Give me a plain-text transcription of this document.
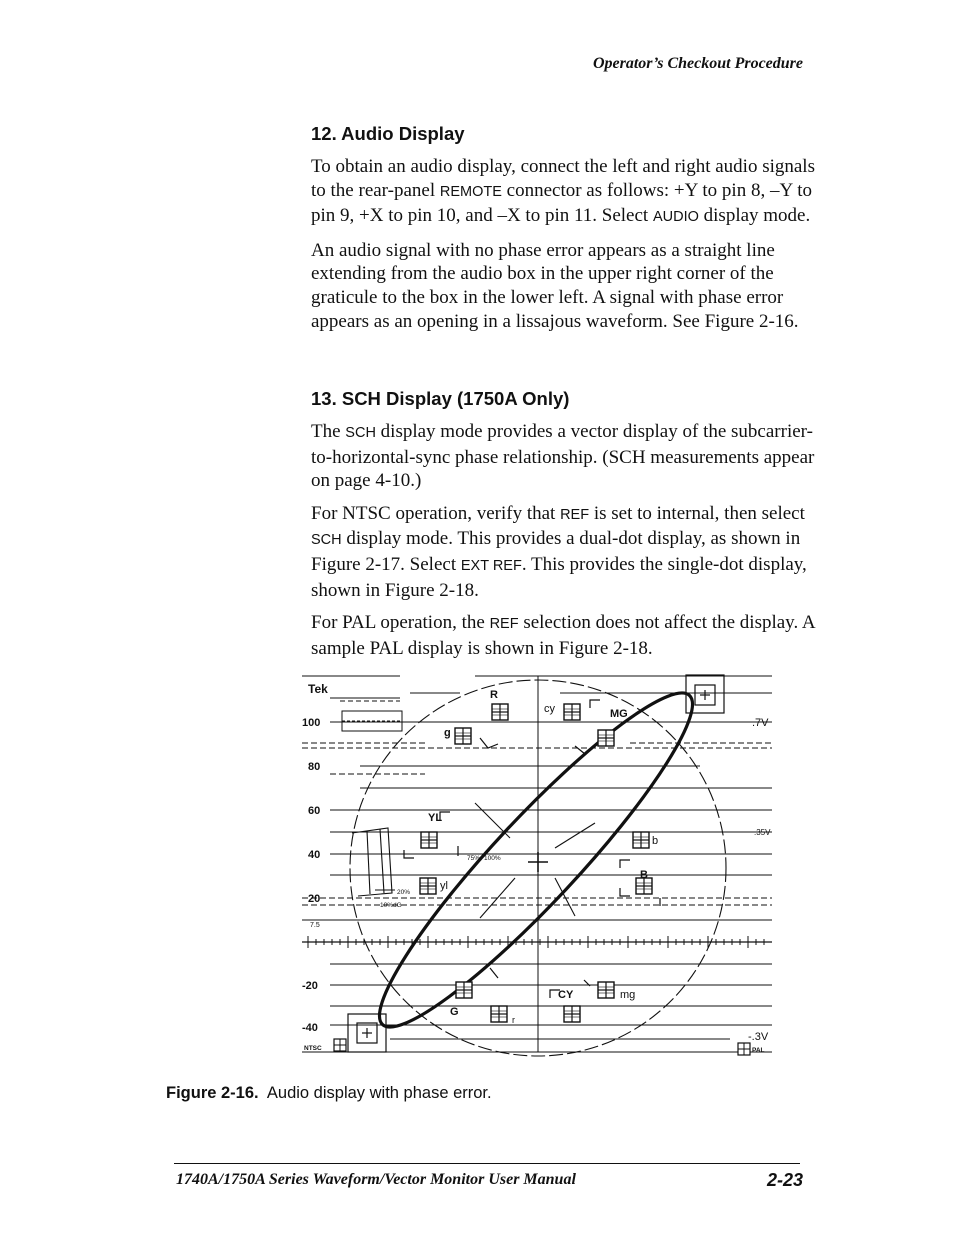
Operator’s Checkout Procedure
12. Audio Display

To obtain an audio display, connect the left and right audio signals to the rear-panel REMOTE connector as follows: +Y to pin 8, –Y to pin 9, +X to pin 10, and –X to pin 11. Select AUDIO display mode.

An audio signal with no phase error appears as a straight line extending from the audio box in the upper right corner of the graticule to the box in the lower left. A signal with phase error appears as an opening in a lissajous waveform. See Figure 2-16.

13. SCH Display (1750A Only)

The SCH display mode provides a vector display of the subcarrier-to-horizontal-sync phase relationship. (SCH measurements appear on page 4-10.)

For NTSC operation, verify that REF is set to internal, then select SCH display mode. This provides a dual-dot display, as shown in Figure 2-17. Select EXT REF. This provides the single-dot display, shown in Figure 2-18.

For PAL operation, the REF selection does not affect the display. A sample PAL display is shown in Figure 2-18.

Tek
100
80
60
40
20
7.5
-20
-40
.7V
.35V
-.3V
R
cy	MG
g
YL
b
yl
B
CY	mg
G
r
75% 100%
20%
10%dG
NTSC	PAL
Figure 2-16. Audio display with phase error.
1740A/1750A Series Waveform/Vector Monitor User Manual	2-23
